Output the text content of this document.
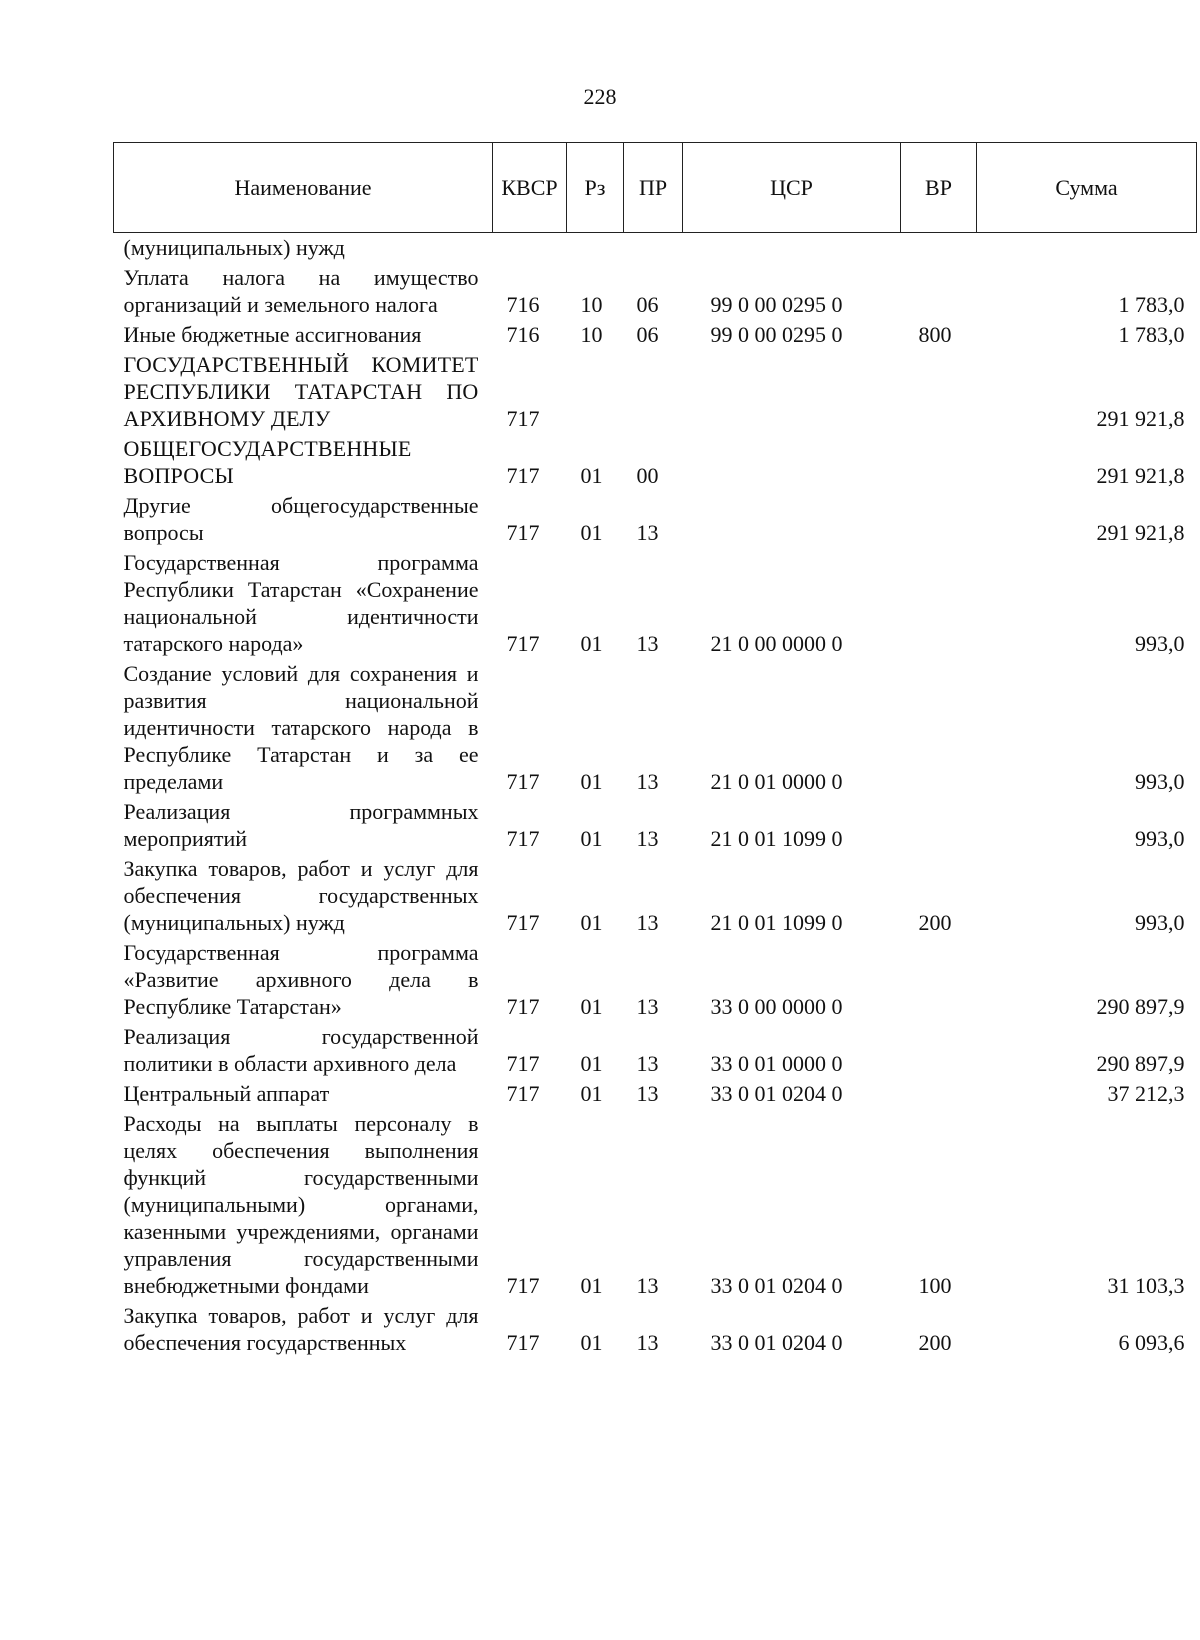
228
Наименование	КВСР	Рз	ПР	ЦСР	ВР	Сумма
(муниципальных) нужд						
Уплата налога на имущество организаций и земельного налога	716	10	06	99 0 00 0295 0		1 783,0
Иные бюджетные ассигнования	716	10	06	99 0 00 0295 0	800	1 783,0
ГОСУДАРСТВЕННЫЙ КОМИТЕТ РЕСПУБЛИКИ ТАТАРСТАН ПО АРХИВНОМУ ДЕЛУ	717					291 921,8
ОБЩЕГОСУДАРСТВЕННЫЕ ВОПРОСЫ	717	01	00			291 921,8
Другие общегосударственные вопросы	717	01	13			291 921,8
Государственная программа Республики Татарстан «Сохранение национальной идентичности татарского народа»	717	01	13	21 0 00 0000 0		993,0
Создание условий для сохранения и развития национальной идентичности татарского народа в Республике Татарстан и за ее пределами	717	01	13	21 0 01 0000 0		993,0
Реализация программных мероприятий	717	01	13	21 0 01 1099 0		993,0
Закупка товаров, работ и услуг для обеспечения государственных (муниципальных) нужд	717	01	13	21 0 01 1099 0	200	993,0
Государственная программа «Развитие архивного дела в Республике Татарстан»	717	01	13	33 0 00 0000 0		290 897,9
Реализация государственной политики в области архивного дела	717	01	13	33 0 01 0000 0		290 897,9
Центральный аппарат	717	01	13	33 0 01 0204 0		37 212,3
Расходы на выплаты персоналу в целях обеспечения выполнения функций государственными (муниципальными) органами, казенными учреждениями, органами управления государственными внебюджетными фондами	717	01	13	33 0 01 0204 0	100	31 103,3
Закупка товаров, работ и услуг для обеспечения государственных	717	01	13	33 0 01 0204 0	200	6 093,6
